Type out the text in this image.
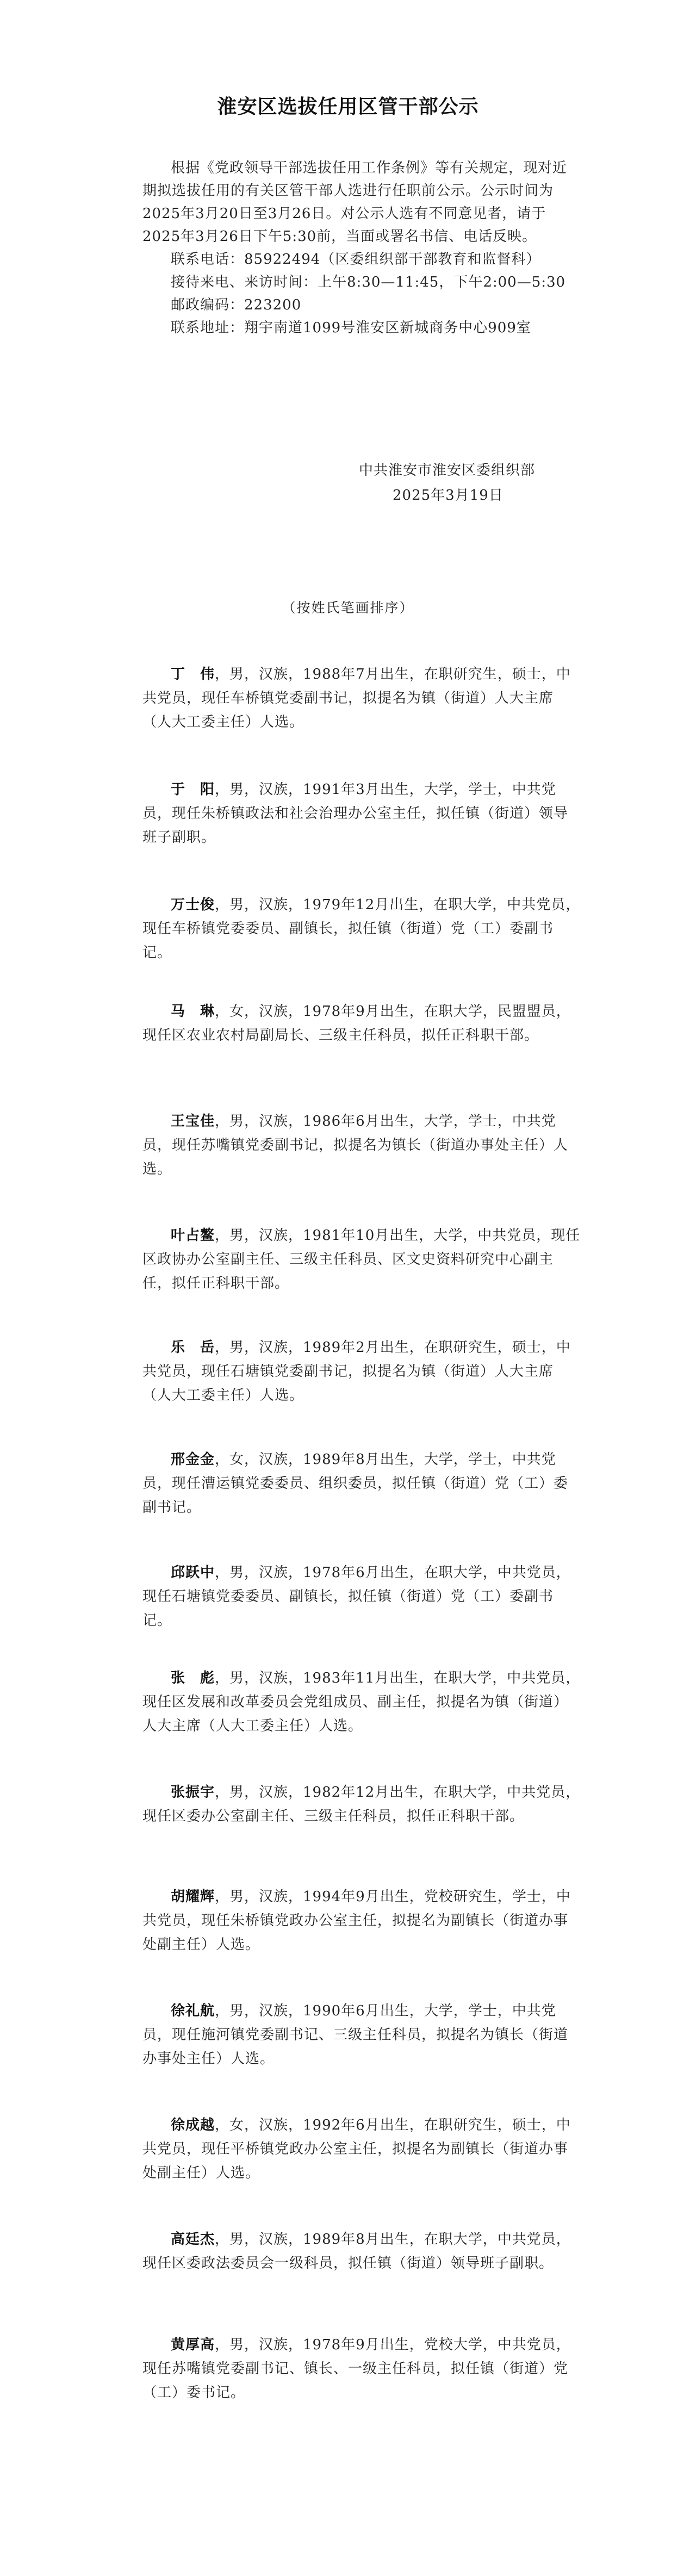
淮安区选拔任用区管干部公示

根据《党政领导干部选拔任用工作条例》等有关规定，现对近期拟选拔任用的有关区管干部人选进行任职前公示。公示时间为2025年3月20日至3月26日。对公示人选有不同意见者，请于2025年3月26日下午5:30前，当面或署名书信、电话反映。

联系电话：85922494（区委组织部干部教育和监督科）

接待来电、来访时间：上午8:30—11:45，下午2:00—5:30

邮政编码：223200

联系地址：翔宇南道1099号淮安区新城商务中心909室

中共淮安市淮安区委组织部
2025年3月19日
（按姓氏笔画排序）

丁　伟，男，汉族，1988年7月出生，在职研究生，硕士，中共党员，现任车桥镇党委副书记，拟提名为镇（街道）人大主席（人大工委主任）人选。

于　阳，男，汉族，1991年3月出生，大学，学士，中共党员，现任朱桥镇政法和社会治理办公室主任，拟任镇（街道）领导班子副职。

万士俊，男，汉族，1979年12月出生，在职大学，中共党员，现任车桥镇党委委员、副镇长，拟任镇（街道）党（工）委副书记。

马　琳，女，汉族，1978年9月出生，在职大学，民盟盟员，现任区农业农村局副局长、三级主任科员，拟任正科职干部。

王宝佳，男，汉族，1986年6月出生，大学，学士，中共党员，现任苏嘴镇党委副书记，拟提名为镇长（街道办事处主任）人选。

叶占鳌，男，汉族，1981年10月出生，大学，中共党员，现任区政协办公室副主任、三级主任科员、区文史资料研究中心副主任，拟任正科职干部。

乐　岳，男，汉族，1989年2月出生，在职研究生，硕士，中共党员，现任石塘镇党委副书记，拟提名为镇（街道）人大主席（人大工委主任）人选。

邢金金，女，汉族，1989年8月出生，大学，学士，中共党员，现任漕运镇党委委员、组织委员，拟任镇（街道）党（工）委副书记。

邱跃中，男，汉族，1978年6月出生，在职大学，中共党员，现任石塘镇党委委员、副镇长，拟任镇（街道）党（工）委副书记。

张　彪，男，汉族，1983年11月出生，在职大学，中共党员，现任区发展和改革委员会党组成员、副主任，拟提名为镇（街道）人大主席（人大工委主任）人选。

张振宇，男，汉族，1982年12月出生，在职大学，中共党员，现任区委办公室副主任、三级主任科员，拟任正科职干部。

胡耀辉，男，汉族，1994年9月出生，党校研究生，学士，中共党员，现任朱桥镇党政办公室主任，拟提名为副镇长（街道办事处副主任）人选。

徐礼航，男，汉族，1990年6月出生，大学，学士，中共党员，现任施河镇党委副书记、三级主任科员，拟提名为镇长（街道办事处主任）人选。

徐成越，女，汉族，1992年6月出生，在职研究生，硕士，中共党员，现任平桥镇党政办公室主任，拟提名为副镇长（街道办事处副主任）人选。

高廷杰，男，汉族，1989年8月出生，在职大学，中共党员，现任区委政法委员会一级科员，拟任镇（街道）领导班子副职。

黄厚高，男，汉族，1978年9月出生，党校大学，中共党员，现任苏嘴镇党委副书记、镇长、一级主任科员，拟任镇（街道）党（工）委书记。
